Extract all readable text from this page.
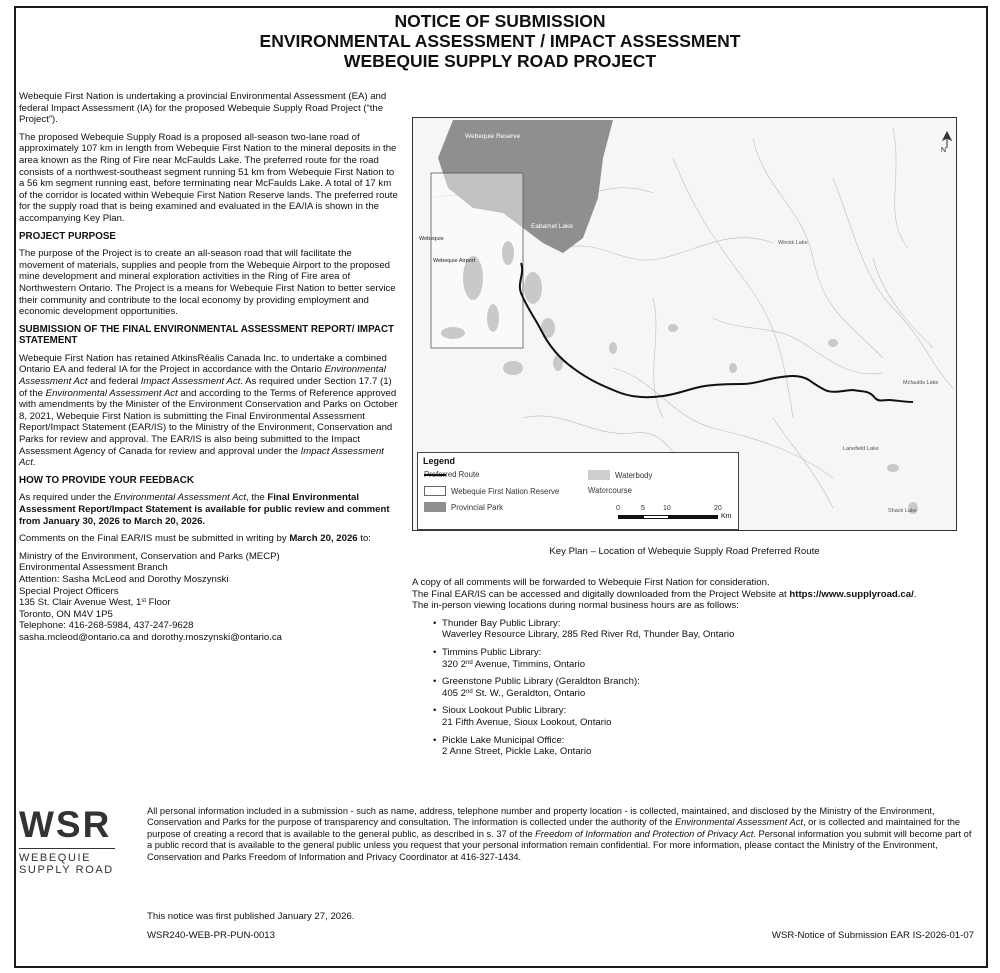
NOTICE OF SUBMISSION
ENVIRONMENTAL ASSESSMENT / IMPACT ASSESSMENT
WEBEQUIE SUPPLY ROAD PROJECT

Webequie First Nation is undertaking a provincial Environmental Assessment (EA) and federal Impact Assessment (IA) for the proposed Webequie Supply Road Project (“the Project”).

The proposed Webequie Supply Road is a proposed all-season two-lane road of approximately 107 km in length from Webequie First Nation to the mineral deposits in the area known as the Ring of Fire near McFaulds Lake. The preferred route for the road consists of a northwest-southeast segment running 51 km from Webequie First Nation to a 56 km segment running east, before terminating near McFaulds Lake. A total of 17 km of the corridor is located within Webequie First Nation Reserve lands. The preferred route for the supply road that is being examined and evaluated in the EA/IA is shown in the accompanying Key Plan.

PROJECT PURPOSE

The purpose of the Project is to create an all-season road that will facilitate the movement of materials, supplies and people from the Webequie Airport to the proposed mine development and mineral exploration activities in the Ring of Fire area of Northwestern Ontario. The Project is a means for Webequie First Nation to better service their community and contribute to the local economy by providing employment and economic development opportunities.

SUBMISSION OF THE FINAL ENVIRONMENTAL ASSESSMENT REPORT/ IMPACT STATEMENT

Webequie First Nation has retained AtkinsRéalis Canada Inc. to undertake a combined Ontario EA and federal IA for the Project in accordance with the Ontario Environmental Assessment Act and federal Impact Assessment Act. As required under Section 17.7 (1) of the Environmental Assessment Act and according to the Terms of Reference approved with amendments by the Minister of the Environment Conservation and Parks on October 8, 2021, Webequie First Nation is submitting the Final Environmental Assessment Report/Impact Statement (EAR/IS) to the Ministry of the Environment, Conservation and Parks for review and approval. The EAR/IS is also being submitted to the Impact Assessment Agency of Canada for review and approval under the Impact Assessment Act.

HOW TO PROVIDE YOUR FEEDBACK

As required under the Environmental Assessment Act, the Final Environmental Assessment Report/Impact Statement is available for public review and comment from January 30, 2026 to March 20, 2026.

Comments on the Final EAR/IS must be submitted in writing by March 20, 2026 to:

Ministry of the Environment, Conservation and Parks (MECP)
Environmental Assessment Branch
Attention: Sasha McLeod and Dorothy Moszynski
Special Project Officers
135 St. Clair Avenue West, 1st Floor
Toronto, ON M4V 1P5
Telephone: 416-268-5984, 437-247-9628
sasha.mcleod@ontario.ca and dorothy.moszynski@ontario.ca
Webequie Reserve
Eabamet Lake
Webequie
Webequie Airport
Winisk Lake
Mcfaulds Lake
Lanefield Lake
Shack Lake
N
Legend
Preferred Route
Webequie First Nation Reserve
Provincial Park
Waterbody
Watercourse
0	5	10	20
Km
Key Plan – Location of Webequie Supply Road Preferred Route

A copy of all comments will be forwarded to Webequie First Nation for consideration.

The Final EAR/IS can be accessed and digitally downloaded from the Project Website at https://www.supplyroad.ca/.

The in-person viewing locations during normal business hours are as follows:

• Thunder Bay Public Library:
Waverley Resource Library, 285 Red River Rd, Thunder Bay, Ontario
• Timmins Public Library:
320 2nd Avenue, Timmins, Ontario
• Greenstone Public Library (Geraldton Branch):
405 2nd St. W., Geraldton, Ontario
• Sioux Lookout Public Library:
21 Fifth Avenue, Sioux Lookout, Ontario
• Pickle Lake Municipal Office:
2 Anne Street, Pickle Lake, Ontario
WSR
WEBEQUIE
SUPPLY ROAD
All personal information included in a submission - such as name, address, telephone number and property location - is collected, maintained, and disclosed by the Ministry of the Environment, Conservation and Parks for the purpose of transparency and consultation. The information is collected under the authority of the Environmental Assessment Act, or is collected and maintained for the purpose of creating a record that is available to the general public, as described in s. 37 of the Freedom of Information and Protection of Privacy Act. Personal information you submit will become part of a public record that is available to the general public unless you request that your personal information remain confidential. For more information, please contact the Ministry of the Environment, Conservation and Parks Freedom of Information and Privacy Coordinator at 416-327-1434.
This notice was first published January 27, 2026.
WSR240-WEB-PR-PUN-0013	WSR-Notice of Submission EAR IS-2026-01-07
